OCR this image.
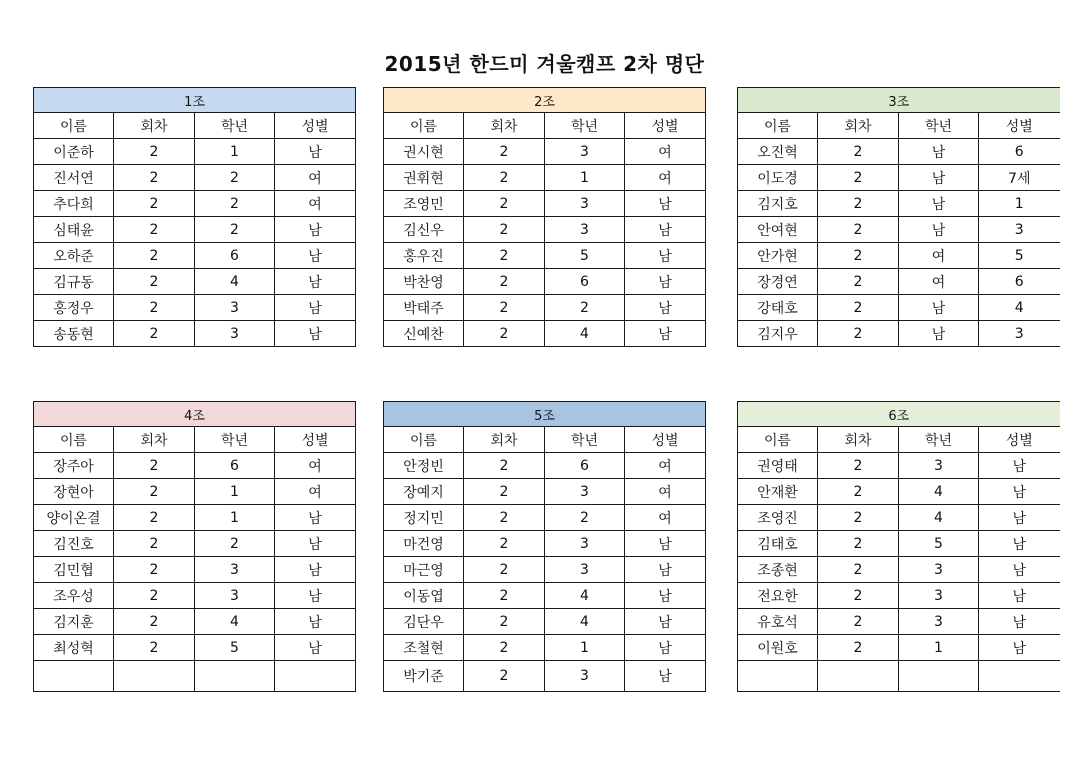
2015년 한드미 겨울캠프 2차 명단
1조			
이름	회차	학년	성별
이준하	2	1	남
진서연	2	2	여
추다희	2	2	여
심태윤	2	2	남
오하준	2	6	남
김규동	2	4	남
홍정우	2	3	남
송동현	2	3	남
2조			
이름	회차	학년	성별
권시현	2	3	여
권휘현	2	1	여
조영민	2	3	남
김신우	2	3	남
홍우진	2	5	남
박찬영	2	6	남
박태주	2	2	남
신예찬	2	4	남
3조			
이름	회차	학년	성별
오진혁	2	남	6
이도경	2	남	7세
김지호	2	남	1
안여현	2	남	3
안가현	2	여	5
장경연	2	여	6
강태호	2	남	4
김지우	2	남	3
4조			
이름	회차	학년	성별
장주아	2	6	여
장현아	2	1	여
양이온결	2	1	남
김진호	2	2	남
김민협	2	3	남
조우성	2	3	남
김지훈	2	4	남
최성혁	2	5	남

5조			
이름	회차	학년	성별
안정빈	2	6	여
장예지	2	3	여
정지민	2	2	여
마건영	2	3	남
마근영	2	3	남
이동엽	2	4	남
김단우	2	4	남
조철현	2	1	남
박기준	2	3	남
6조			
이름	회차	학년	성별
권영태	2	3	남
안재환	2	4	남
조영진	2	4	남
김태호	2	5	남
조종현	2	3	남
전요한	2	3	남
유호석	2	3	남
이원호	2	1	남
